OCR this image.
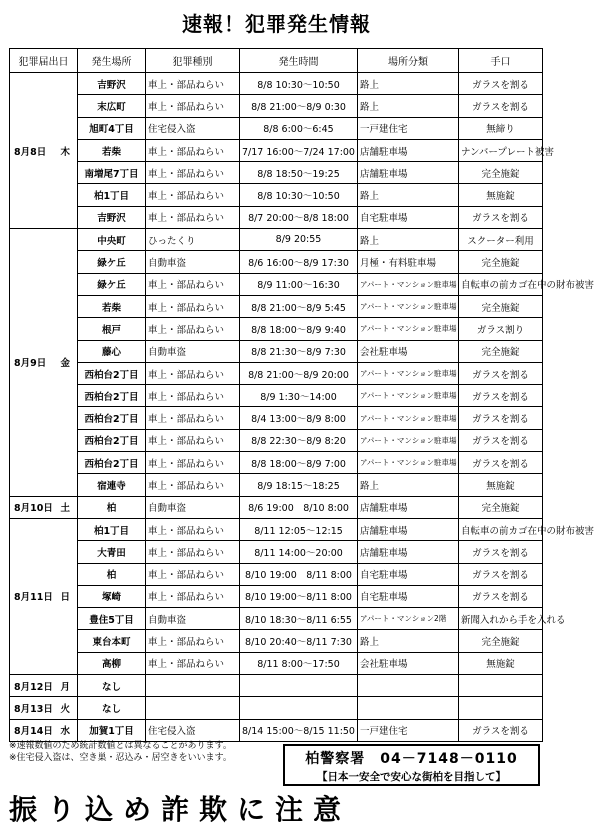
速報！犯罪発生情報
犯罪届出日	発生場所	犯罪種別	発生時間	場所分類	手口

8月8日 木	吉野沢	車上・部品ねらい	8/8 10:30～10:50	路上	ガラスを割る
	末広町	車上・部品ねらい	8/8 21:00～8/9 0:30	路上	ガラスを割る
	旭町4丁目	住宅侵入盗	8/8 6:00～6:45	一戸建住宅	無締り
	若柴	車上・部品ねらい	7/17 16:00～7/24 17:00	店舗駐車場	ナンバープレート被害
	南増尾7丁目	車上・部品ねらい	8/8 18:50～19:25	店舗駐車場	完全施錠
	柏1丁目	車上・部品ねらい	8/8 10:30～10:50	路上	無施錠
	吉野沢	車上・部品ねらい	8/7 20:00～8/8 18:00	自宅駐車場	ガラスを割る

8月9日 金	中央町	ひったくり	8/9 20:55	路上	スクーター利用
	緑ケ丘	自動車盗	8/6 16:00～8/9 17:30	月極・有料駐車場	完全施錠
	緑ケ丘	車上・部品ねらい	8/9 11:00～16:30	アパート・マンション駐車場	自転車の前カゴ在中の財布被害
	若柴	車上・部品ねらい	8/8 21:00～8/9 5:45	アパート・マンション駐車場	完全施錠
	根戸	車上・部品ねらい	8/8 18:00～8/9 9:40	アパート・マンション駐車場	ガラス割り
	藤心	自動車盗	8/8 21:30～8/9 7:30	会社駐車場	完全施錠
	西柏台2丁目	車上・部品ねらい	8/8 21:00～8/9 20:00	アパート・マンション駐車場	ガラスを割る
	西柏台2丁目	車上・部品ねらい	8/9 1:30～14:00	アパート・マンション駐車場	ガラスを割る
	西柏台2丁目	車上・部品ねらい	8/4 13:00～8/9 8:00	アパート・マンション駐車場	ガラスを割る
	西柏台2丁目	車上・部品ねらい	8/8 22:30～8/9 8:20	アパート・マンション駐車場	ガラスを割る
	西柏台2丁目	車上・部品ねらい	8/8 18:00～8/9 7:00	アパート・マンション駐車場	ガラスを割る
	宿連寺	車上・部品ねらい	8/9 18:15～18:25	路上	無施錠

8月10日 土	柏	自動車盗	8/6 19:00　8/10 8:00	店舗駐車場	完全施錠

8月11日 日	柏1丁目	車上・部品ねらい	8/11 12:05～12:15	店舗駐車場	自転車の前カゴ在中の財布被害
	大青田	車上・部品ねらい	8/11 14:00～20:00	店舗駐車場	ガラスを割る
	柏	車上・部品ねらい	8/10 19:00　8/11 8:00	自宅駐車場	ガラスを割る
	塚崎	車上・部品ねらい	8/10 19:00～8/11 8:00	自宅駐車場	ガラスを割る
	豊住5丁目	自動車盗	8/10 18:30～8/11 6:55	アパート・マンション2階	新聞入れから手を入れる
	東台本町	車上・部品ねらい	8/10 20:40～8/11 7:30	路上	完全施錠
	高柳	車上・部品ねらい	8/11 8:00～17:50	会社駐車場	無施錠

8月12日 月	なし				

8月13日 火	なし				

8月14日 水	加賀1丁目	住宅侵入盗	8/14 15:00～8/15 11:50	一戸建住宅	ガラスを割る
※速報数値のため統計数値とは異なることがあります。
※住宅侵入盗は、空き巣・忍込み・居空きをいいます。	柏警察署　04－7148－0110
【日本一安全で安心な街柏を目指して】
振り込め詐欺に注意
